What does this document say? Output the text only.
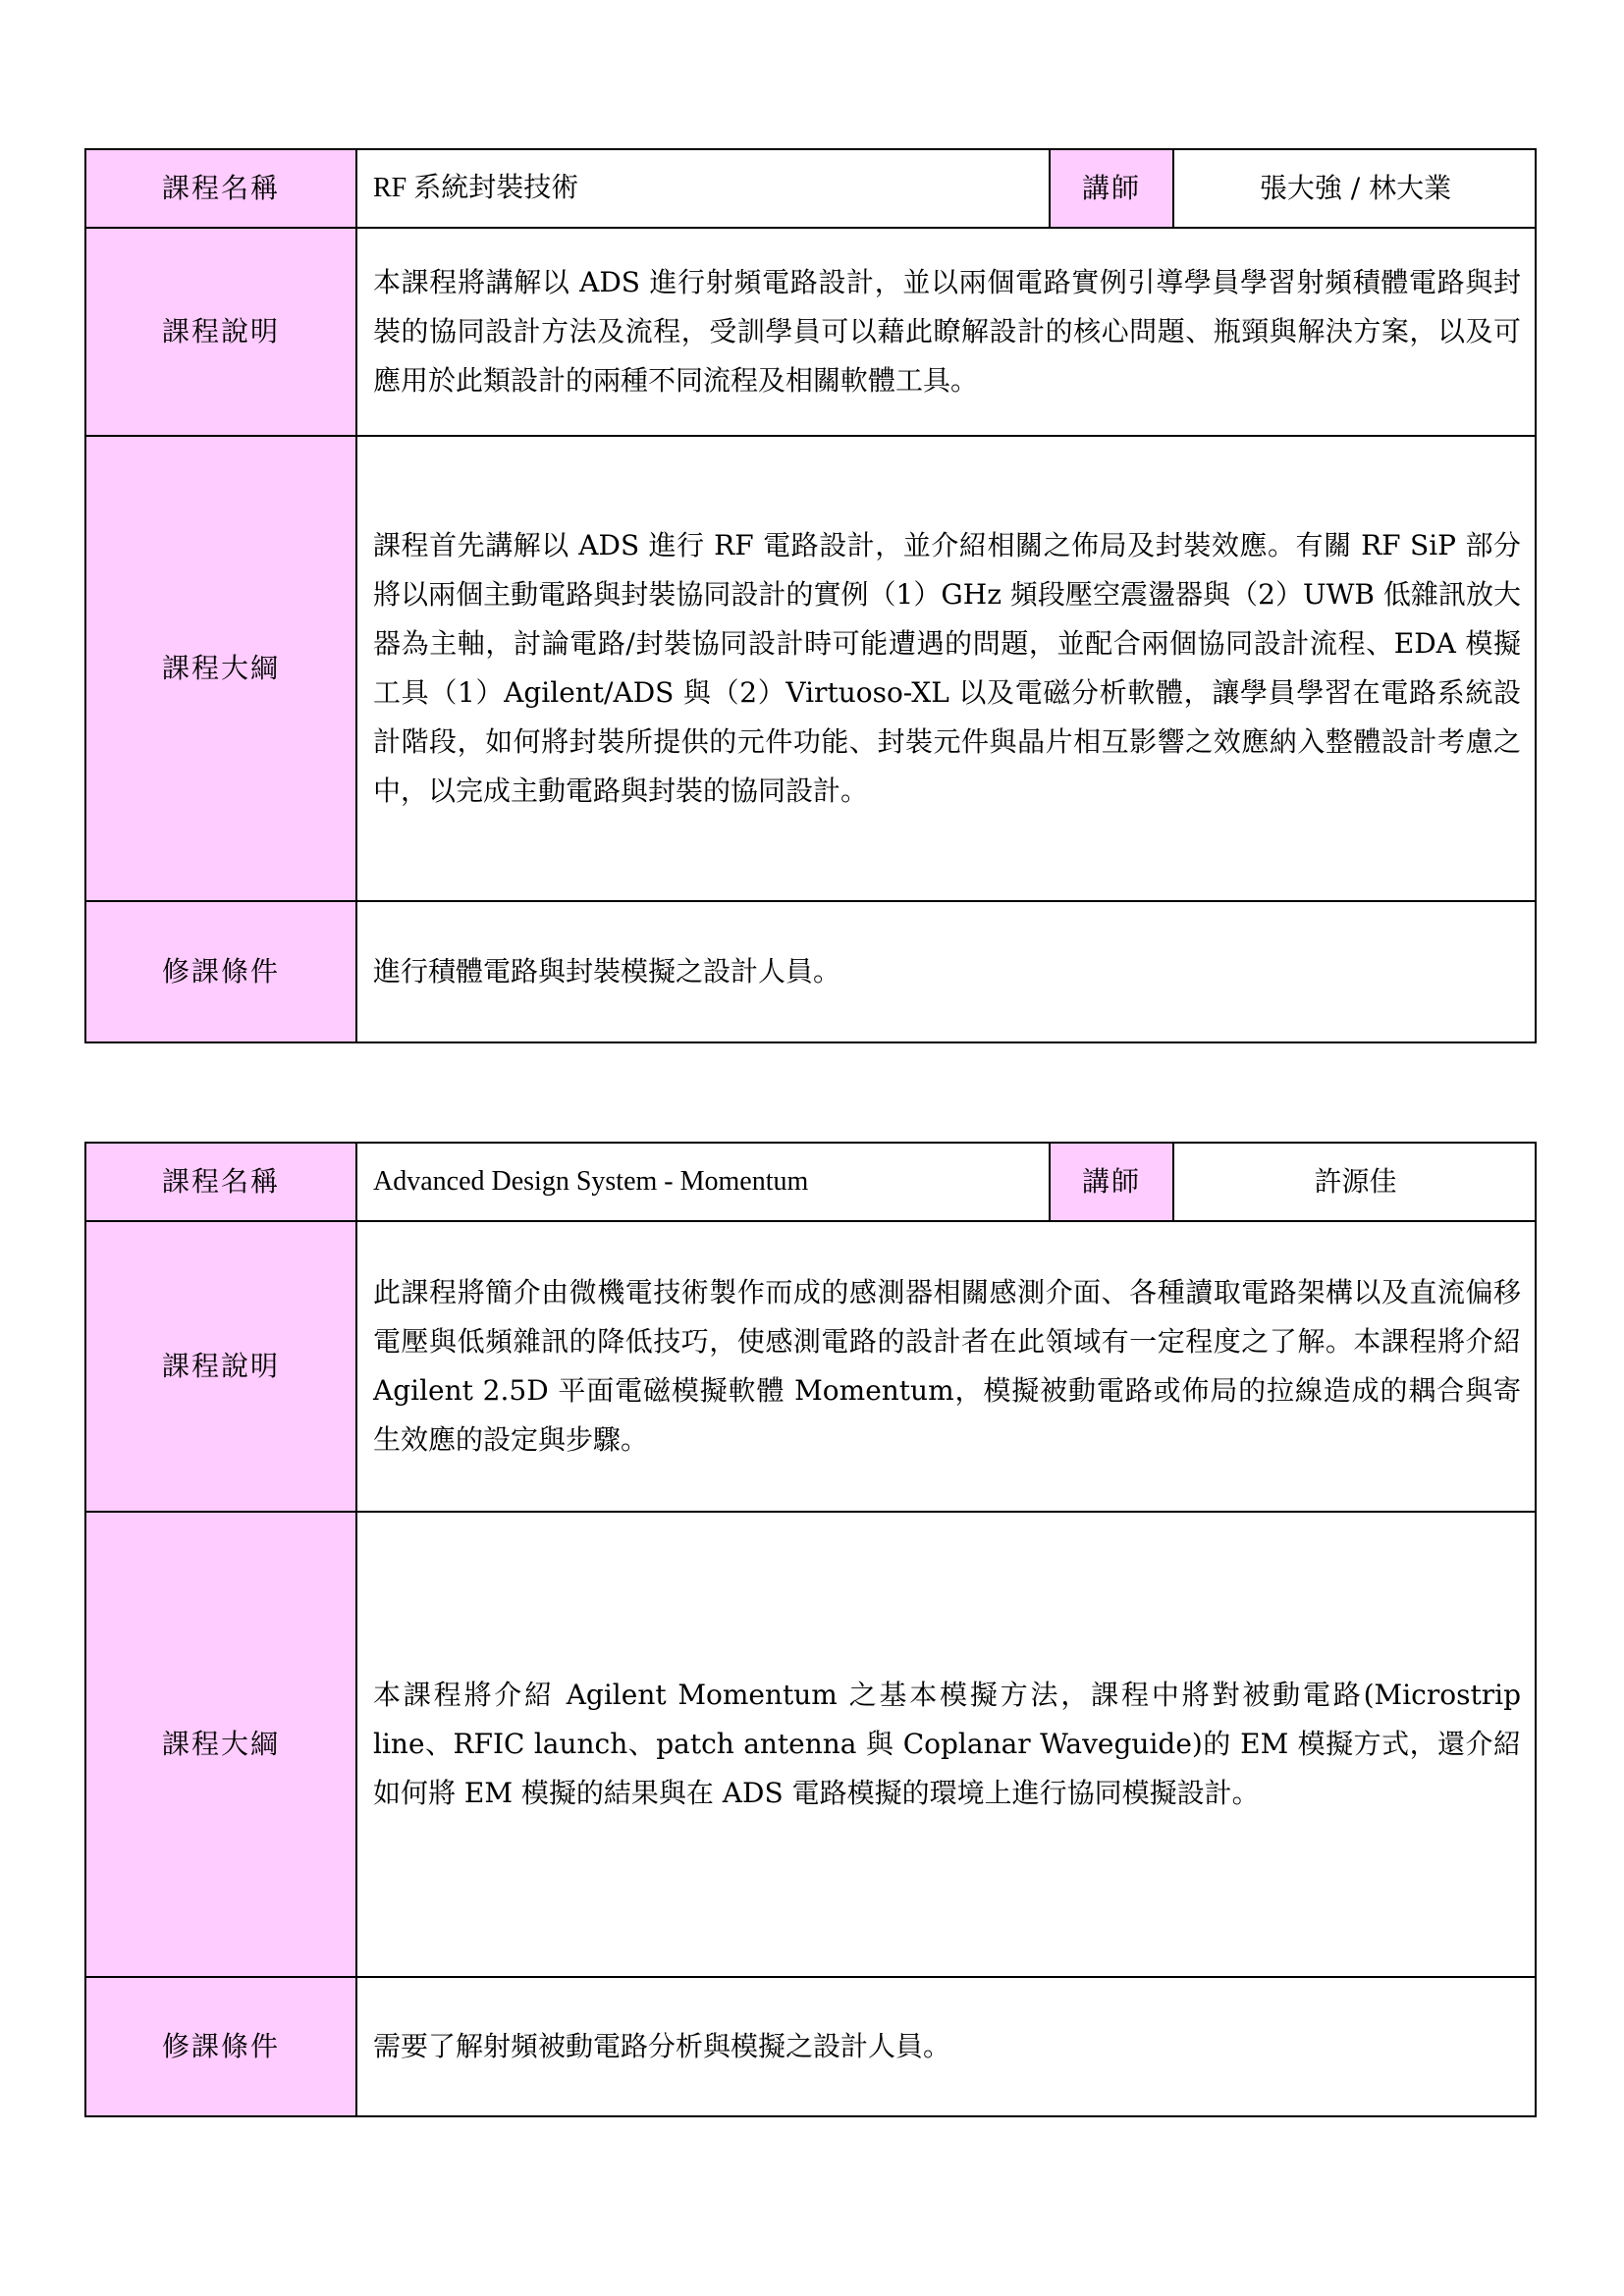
課程名稱	RF 系統封裝技術	講師	張大強 / 林大業
課程說明	本課程將講解以 ADS 進行射頻電路設計，並以兩個電路實例引導學員學習射頻積體電路與封裝的協同設計方法及流程，受訓學員可以藉此瞭解設計的核心問題、瓶頸與解決方案，以及可應用於此類設計的兩種不同流程及相關軟體工具。		

課程大綱	課程首先講解以 ADS 進行 RF 電路設計，並介紹相關之佈局及封裝效應。有關 RF SiP 部分將以兩個主動電路與封裝協同設計的實例（1）GHz 頻段壓空震盪器與（2）UWB 低雜訊放大器為主軸，討論電路/封裝協同設計時可能遭遇的問題，並配合兩個協同設計流程、EDA 模擬工具（1）Agilent/ADS 與（2）Virtuoso-XL 以及電磁分析軟體，讓學員學習在電路系統設計階段，如何將封裝所提供的元件功能、封裝元件與晶片相互影響之效應納入整體設計考慮之中，以完成主動電路與封裝的協同設計。		

修課條件	進行積體電路與封裝模擬之設計人員。		

課程名稱	Advanced Design System - Momentum	講師	許源佳
課程說明	此課程將簡介由微機電技術製作而成的感測器相關感測介面、各種讀取電路架構以及直流偏移電壓與低頻雜訊的降低技巧，使感測電路的設計者在此領域有一定程度之了解。本課程將介紹 Agilent 2.5D 平面電磁模擬軟體 Momentum，模擬被動電路或佈局的拉線造成的耦合與寄生效應的設定與步驟。		

課程大綱	本課程將介紹 Agilent Momentum 之基本模擬方法，課程中將對被動電路(Microstrip line、RFIC launch、patch antenna 與 Coplanar Waveguide)的 EM 模擬方式，還介紹如何將 EM 模擬的結果與在 ADS 電路模擬的環境上進行協同模擬設計。		

修課條件	需要了解射頻被動電路分析與模擬之設計人員。		
